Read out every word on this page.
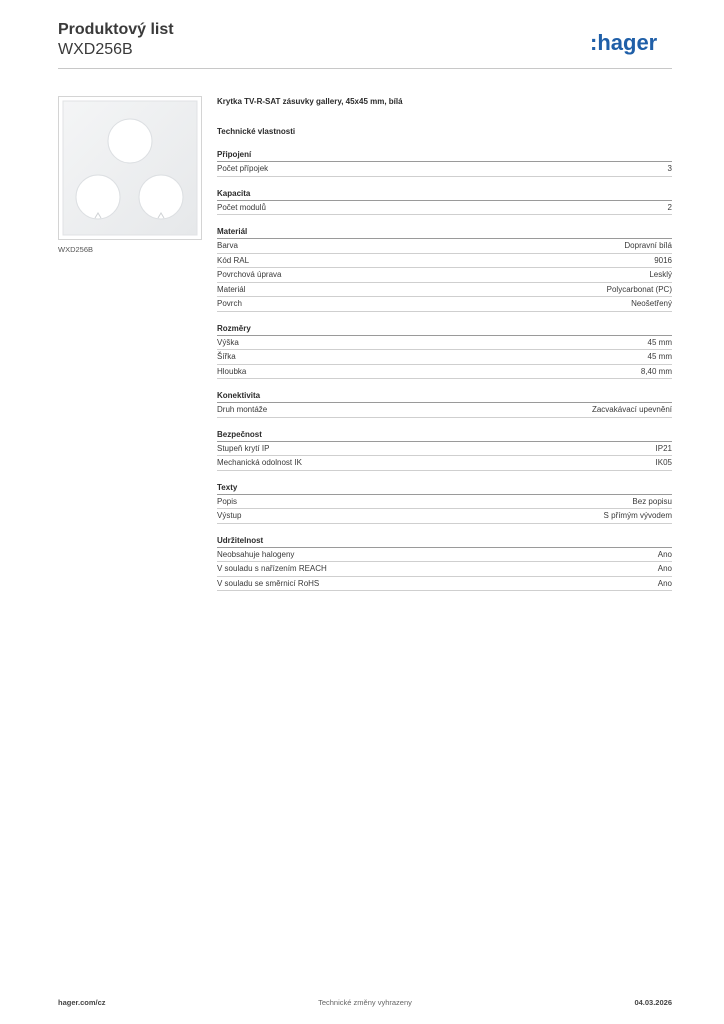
Produktový list
WXD256B	:hager
WXD256B
Krytka TV-R-SAT zásuvky gallery, 45x45 mm, bílá
Technické vlastnosti
Připojení
Počet přípojek	3
Kapacita
Počet modulů	2
Materiál
Barva	Dopravní bílá
Kód RAL	9016
Povrchová úprava	Lesklý
Materiál	Polycarbonat (PC)
Povrch	Neošetřený
Rozměry
Výška	45 mm
Šířka	45 mm
Hloubka	8,40 mm
Konektivita
Druh montáže	Zacvakávací upevnění
Bezpečnost
Stupeň krytí IP	IP21
Mechanická odolnost IK	IK05
Texty
Popis	Bez popisu
Výstup	S přímým vývodem
Udržitelnost
Neobsahuje halogeny	Ano
V souladu s nařízením REACH	Ano
V souladu se směrnicí RoHS	Ano
hager.com/cz	Technické změny vyhrazeny	04.03.2026
